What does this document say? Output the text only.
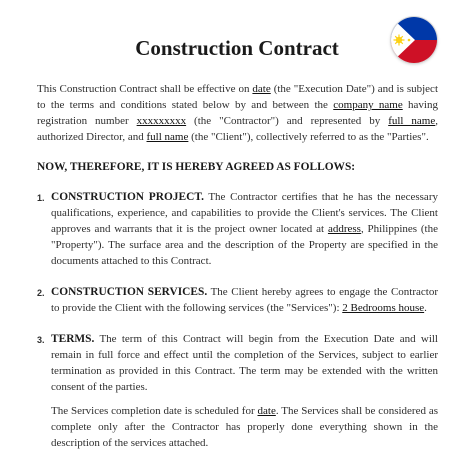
Construction Contract

This Construction Contract shall be effective on date (the "Execution Date") and is subject to the terms and conditions stated below by and between the company name having registration number xxxxxxxxx (the "Contractor") and represented by full name, authorized Director, and full name (the "Client"), collectively referred to as the "Parties".

NOW, THEREFORE, IT IS HEREBY AGREED AS FOLLOWS:

1. CONSTRUCTION PROJECT. The Contractor certifies that he has the necessary qualifications, experience, and capabilities to provide the Client's services. The Client approves and warrants that it is the project owner located at address, Philippines (the "Property"). The surface area and the description of the Property are specified in the documents attached to this Contract.

2. CONSTRUCTION SERVICES. The Client hereby agrees to engage the Contractor to provide the Client with the following services (the "Services"): 2 Bedrooms house.

3. TERMS. The term of this Contract will begin from the Execution Date and will remain in full force and effect until the completion of the Services, subject to earlier termination as provided in this Contract. The term may be extended with the written consent of the parties.

The Services completion date is scheduled for date. The Services shall be considered as complete only after the Contractor has properly done everything shown in the description of the services attached.
